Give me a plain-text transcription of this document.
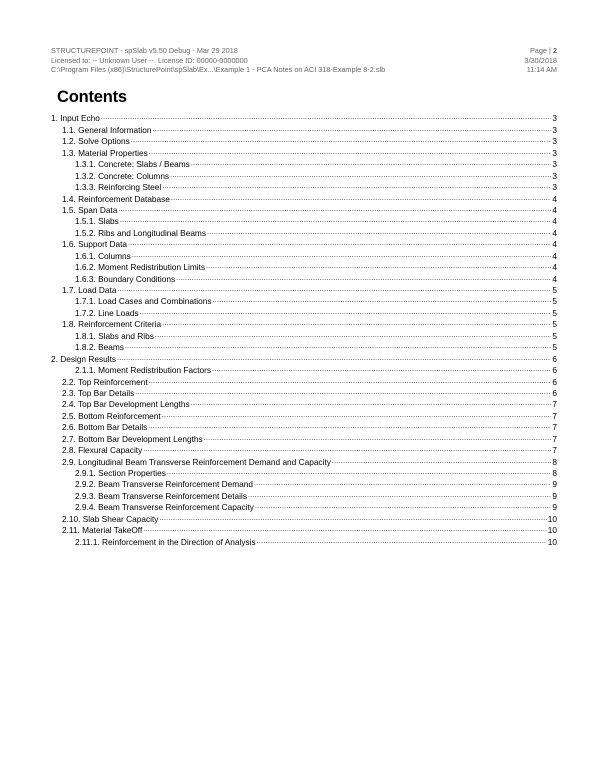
STRUCTUREPOINT - spSlab v5.50 Debug - Mar 29 2018	Page | 2
Licensed to: -- Unknown User --. License ID: 00000-0000000	3/30/2018
C:\Program Files (x86)\StructurePoint\spSlab\Ex...\Example 1 - PCA Notes on ACI 318-Example 8-2.slb	11:14 AM
Contents
1. Input Echo .....	3
1.1. General Information .....	3
1.2. Solve Options .....	3
1.3. Material Properties .....	3
1.3.1. Concrete: Slabs / Beams .....	3
1.3.2. Concrete: Columns .....	3
1.3.3. Reinforcing Steel .....	3
1.4. Reinforcement Database .....	4
1.5. Span Data .....	4
1.5.1. Slabs .....	4
1.5.2. Ribs and Longitudinal Beams .....	4
1.6. Support Data .....	4
1.6.1. Columns .....	4
1.6.2. Moment Redistribution Limits .....	4
1.6.3. Boundary Conditions .....	4
1.7. Load Data .....	5
1.7.1. Load Cases and Combinations .....	5
1.7.2. Line Loads .....	5
1.8. Reinforcement Criteria .....	5
1.8.1. Slabs and Ribs .....	5
1.8.2. Beams .....	5
2. Design Results .....	6
2.1.1. Moment Redistribution Factors .....	6
2.2. Top Reinforcement .....	6
2.3. Top Bar Details .....	6
2.4. Top Bar Development Lengths .....	7
2.5. Bottom Reinforcement .....	7
2.6. Bottom Bar Details .....	7
2.7. Bottom Bar Development Lengths .....	7
2.8. Flexural Capacity .....	7
2.9. Longitudinal Beam Transverse Reinforcement Demand and Capacity .....	8
2.9.1. Section Properties .....	8
2.9.2. Beam Transverse Reinforcement Demand .....	9
2.9.3. Beam Transverse Reinforcement Details .....	9
2.9.4. Beam Transverse Reinforcement Capacity .....	9
2.10. Slab Shear Capacity .....	10
2.11. Material TakeOff .....	10
2.11.1. Reinforcement in the Direction of Analysis .....	10
